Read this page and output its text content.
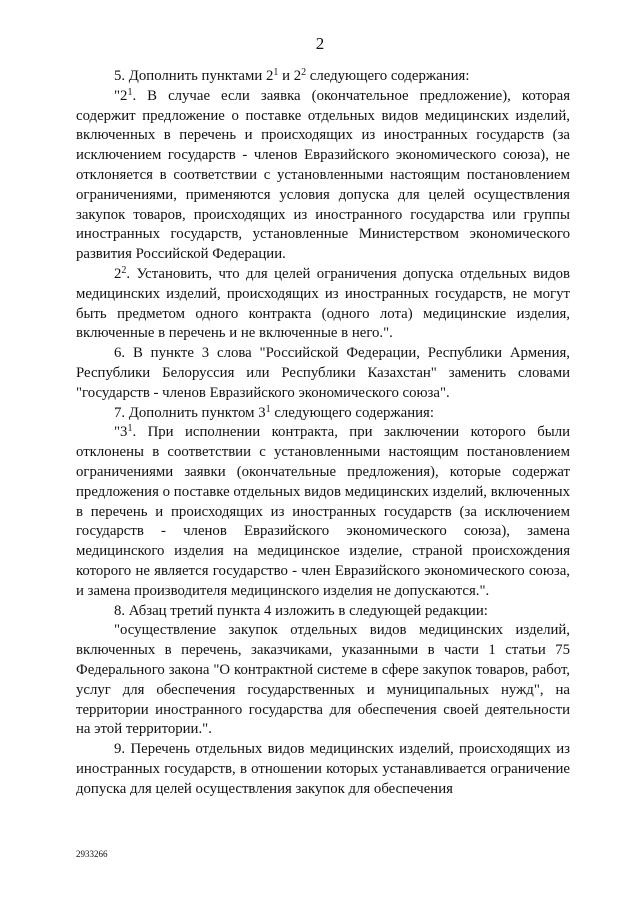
2

5. Дополнить пунктами $2^1$ и $2^2$ следующего содержания:

"$2^1$. В случае если заявка (окончательное предложение), которая содержит предложение о поставке отдельных видов медицинских изделий, включенных в перечень и происходящих из иностранных государств (за исключением государств - членов Евразийского экономического союза), не отклоняется в соответствии с установленными настоящим постановлением ограничениями, применяются условия допуска для целей осуществления закупок товаров, происходящих из иностранного государства или группы иностранных государств, установленные Министерством экономического развития Российской Федерации.

$2^2$. Установить, что для целей ограничения допуска отдельных видов медицинских изделий, происходящих из иностранных государств, не могут быть предметом одного контракта (одного лота) медицинские изделия, включенные в перечень и не включенные в него.".

6. В пункте 3 слова "Российской Федерации, Республики Армения, Республики Белоруссия или Республики Казахстан" заменить словами "государств - членов Евразийского экономического союза".

7. Дополнить пунктом $3^1$ следующего содержания:

"$3^1$. При исполнении контракта, при заключении которого были отклонены в соответствии с установленными настоящим постановлением ограничениями заявки (окончательные предложения), которые содержат предложения о поставке отдельных видов медицинских изделий, включенных в перечень и происходящих из иностранных государств (за исключением государств - членов Евразийского экономического союза), замена медицинского изделия на медицинское изделие, страной происхождения которого не является государство - член Евразийского экономического союза, и замена производителя медицинского изделия не допускаются.".

8. Абзац третий пункта 4 изложить в следующей редакции:

"осуществление закупок отдельных видов медицинских изделий, включенных в перечень, заказчиками, указанными в части 1 статьи 75 Федерального закона "О контрактной системе в сфере закупок товаров, работ, услуг для обеспечения государственных и муниципальных нужд", на территории иностранного государства для обеспечения своей деятельности на этой территории.".

9. Перечень отдельных видов медицинских изделий, происходящих из иностранных государств, в отношении которых устанавливается ограничение допуска для целей осуществления закупок для обеспечения

2933266
